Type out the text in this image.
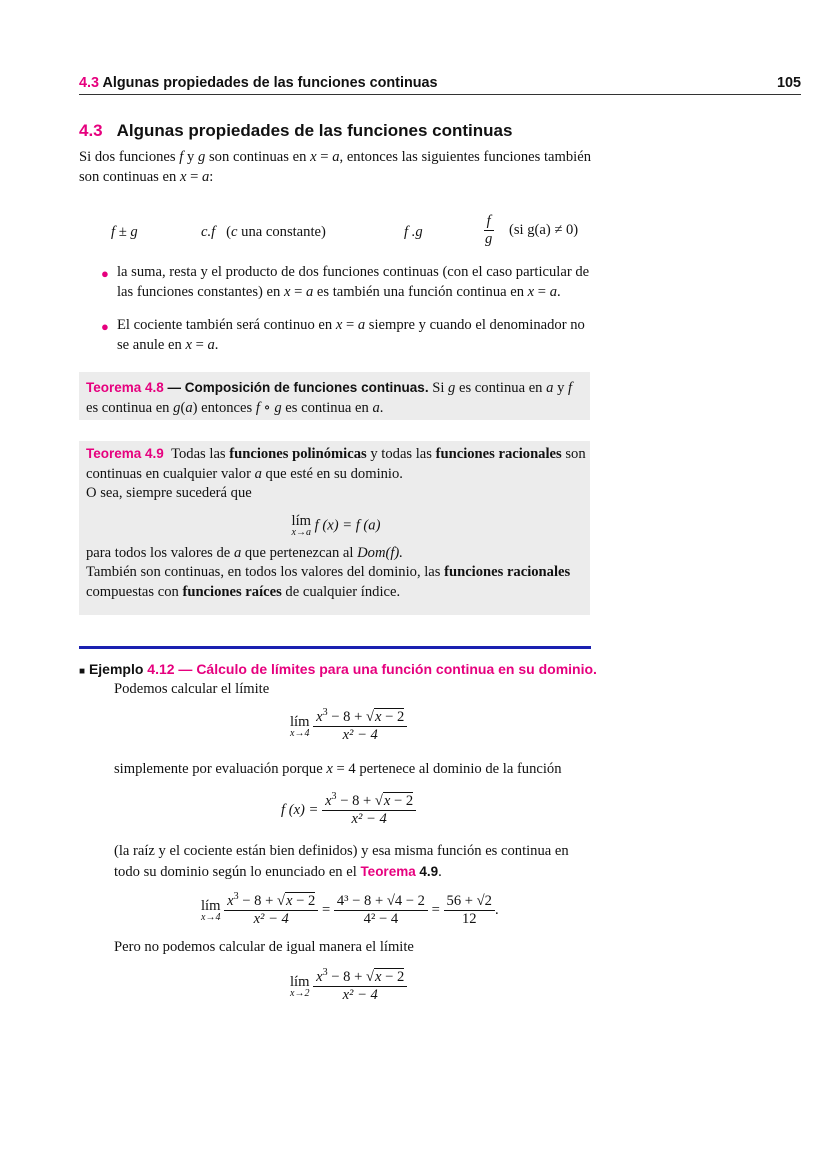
4.3 Algunas propiedades de las funciones continuas	105
4.3 Algunas propiedades de las funciones continuas
Si dos funciones f y g son continuas en x = a, entonces las siguientes funciones también son continuas en x = a:
f ± g	c.f (c una constante)	f .g	$\frac{f}{g} (si$ g(a) ≠ 0)
● la suma, resta y el producto de dos funciones continuas (con el caso particular de las funciones constantes) en x = a es también una función continua en x = a.
● El cociente también será continuo en x = a siempre y cuando el denominador no se anule en x = a.
Teorema 4.8 — Composición de funciones continuas. Si g es continua en a y f es continua en g(a) entonces f ∘ g es continua en a.
Teorema 4.9 Todas las funciones polinómicas y todas las funciones racionales son continuas en cualquier valor a que esté en su dominio.
O sea, siempre sucederá que
lím
x→a f (x) = f (a)
para todos los valores de a que pertenezcan al Dom(f).
También son continuas, en todos los valores del dominio, las funciones racionales compuestas con funciones raíces de cualquier índice.
■ Ejemplo 4.12 — Cálculo de límites para una función continua en su dominio.
Podemos calcular el límite
lím
x→4
$\frac{x^3 - 8 + √x - 2}{\text{x² − 4}}$
simplemente por evaluación porque x = 4 pertenece al dominio de la función
f $(x) = \frac{x^3 - 8 + √x - 2}{\text{x² − 4}}$
(la raíz y el cociente están bien definidos) y esa misma función es continua en todo su dominio según lo enunciado en el Teorema 4.9.
lím
x→4
$\frac{x^3 - 8 + √x - 2}{\text{x² − 4}} = \frac{\text{4³ − 8 + √4 − 2}}{\text{4² − 4}} = \frac{56 + √2}{12}$ .
Pero no podemos calcular de igual manera el límite
lím
x→2
$\frac{x^3 - 8 + √x - 2}{\text{x² − 4}}$
